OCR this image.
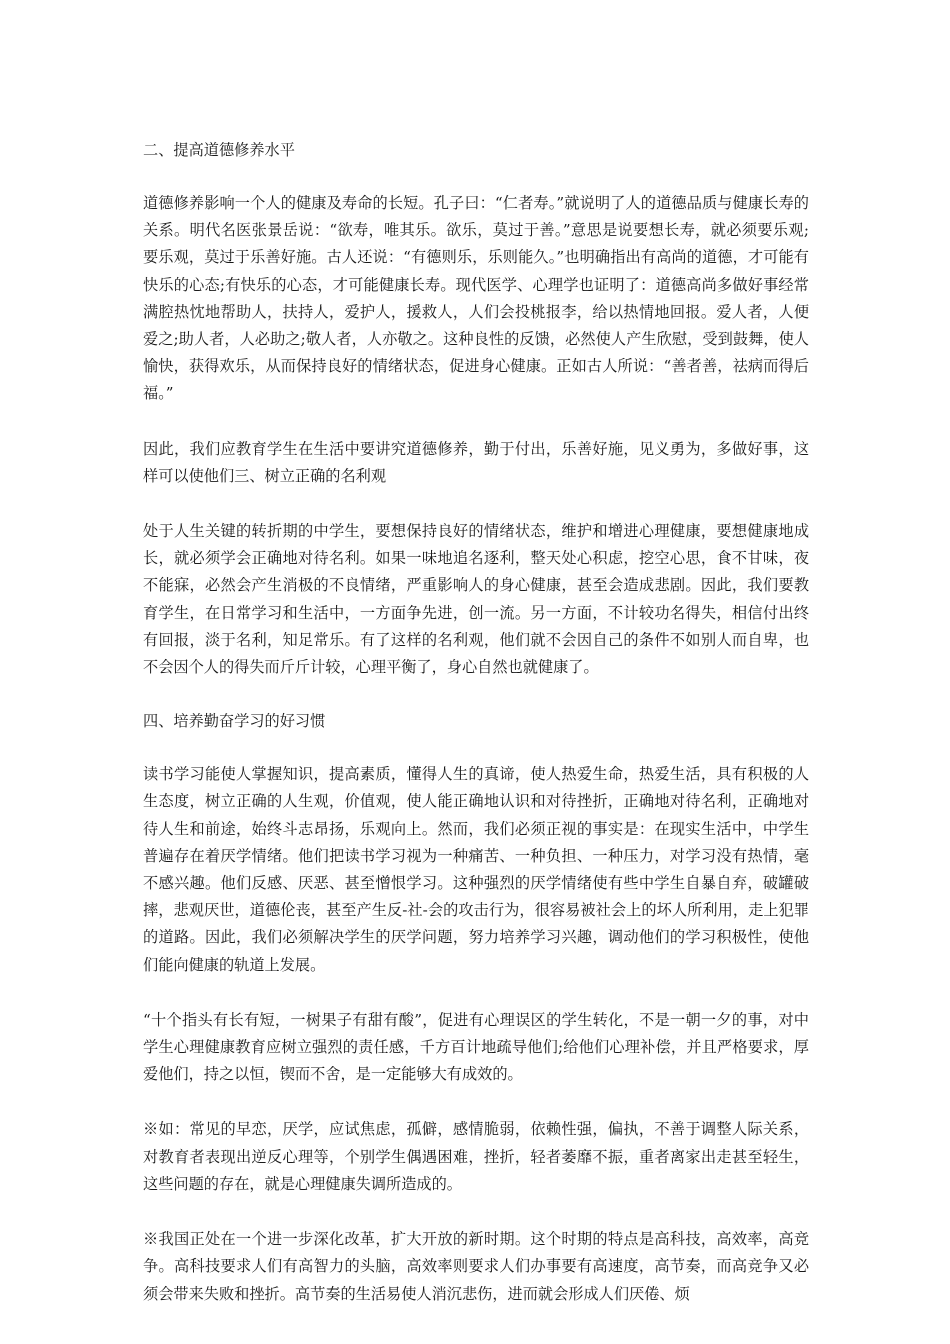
二、提高道德修养水平

道德修养影响一个人的健康及寿命的长短。孔子曰：“仁者寿。”就说明了人的道德品质与健康长寿的关系。明代名医张景岳说：“欲寿，唯其乐。欲乐，莫过于善。”意思是说要想长寿，就必须要乐观;要乐观，莫过于乐善好施。古人还说：“有德则乐，乐则能久。”也明确指出有高尚的道德，才可能有快乐的心态;有快乐的心态，才可能健康长寿。现代医学、心理学也证明了：道德高尚多做好事经常满腔热忱地帮助人，扶持人，爱护人，援救人，人们会投桃报李，给以热情地回报。爱人者，人便爱之;助人者，人必助之;敬人者，人亦敬之。这种良性的反馈，必然使人产生欣慰，受到鼓舞，使人愉快，获得欢乐，从而保持良好的情绪状态，促进身心健康。正如古人所说：“善者善，祛病而得后福。”

因此，我们应教育学生在生活中要讲究道德修养，勤于付出，乐善好施，见义勇为，多做好事，这样可以使他们三、树立正确的名利观

处于人生关键的转折期的中学生，要想保持良好的情绪状态，维护和增进心理健康，要想健康地成长，就必须学会正确地对待名利。如果一味地追名逐利，整天处心积虑，挖空心思，食不甘味，夜不能寐，必然会产生消极的不良情绪，严重影响人的身心健康，甚至会造成悲剧。因此，我们要教育学生，在日常学习和生活中，一方面争先进，创一流。另一方面，不计较功名得失，相信付出终有回报，淡于名利，知足常乐。有了这样的名利观，他们就不会因自己的条件不如别人而自卑，也不会因个人的得失而斤斤计较，心理平衡了，身心自然也就健康了。

四、培养勤奋学习的好习惯

读书学习能使人掌握知识，提高素质，懂得人生的真谛，使人热爱生命，热爱生活，具有积极的人生态度，树立正确的人生观，价值观，使人能正确地认识和对待挫折，正确地对待名利，正确地对待人生和前途，始终斗志昂扬，乐观向上。然而，我们必须正视的事实是：在现实生活中，中学生普遍存在着厌学情绪。他们把读书学习视为一种痛苦、一种负担、一种压力，对学习没有热情，毫不感兴趣。他们反感、厌恶、甚至憎恨学习。这种强烈的厌学情绪使有些中学生自暴自弃，破罐破摔，悲观厌世，道德伦丧，甚至产生反-社-会的攻击行为，很容易被社会上的坏人所利用，走上犯罪的道路。因此，我们必须解决学生的厌学问题，努力培养学习兴趣，调动他们的学习积极性，使他们能向健康的轨道上发展。

“十个指头有长有短，一树果子有甜有酸”，促进有心理误区的学生转化，不是一朝一夕的事，对中学生心理健康教育应树立强烈的责任感，千方百计地疏导他们;给他们心理补偿，并且严格要求，厚爱他们，持之以恒，锲而不舍，是一定能够大有成效的。

※如：常见的早恋，厌学，应试焦虑，孤僻，感情脆弱，依赖性强，偏执，不善于调整人际关系，对教育者表现出逆反心理等，个别学生偶遇困难，挫折，轻者萎靡不振，重者离家出走甚至轻生，这些问题的存在，就是心理健康失调所造成的。

※我国正处在一个进一步深化改革，扩大开放的新时期。这个时期的特点是高科技，高效率，高竞争。高科技要求人们有高智力的头脑，高效率则要求人们办事要有高速度，高节奏，而高竞争又必须会带来失败和挫折。高节奏的生活易使人消沉悲伤，进而就会形成人们厌倦、烦
